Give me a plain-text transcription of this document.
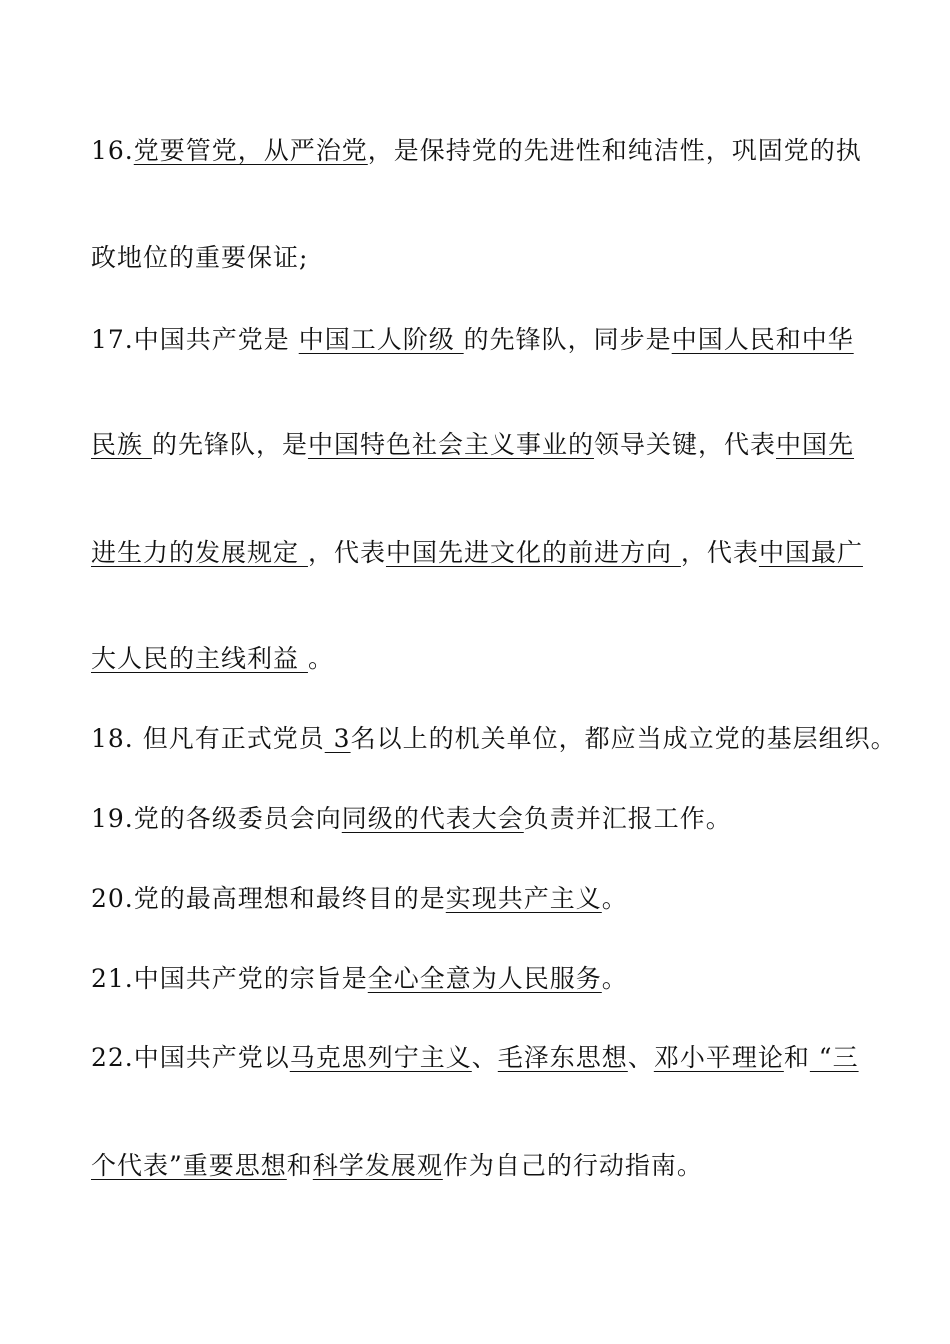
16.党要管党，从严治党，是保持党的先进性和纯洁性，巩固党的执
政地位的重要保证;
17.中国共产党是 中国工人阶级 的先锋队，同步是中国人民和中华
民族 的先锋队，是中国特色社会主义事业的领导关键，代表中国先
进生力的发展规定 ，代表中国先进文化的前进方向 ，代表中国最广
大人民的主线利益 。
18. 但凡有正式党员 3名以上的机关单位，都应当成立党的基层组织。
19.党的各级委员会向同级的代表大会负责并汇报工作。
20.党的最高理想和最终目的是实现共产主义。
21.中国共产党的宗旨是全心全意为人民服务。
22.中国共产党以马克思列宁主义、毛泽东思想、邓小平理论和 “三
个代表”重要思想和科学发展观作为自己的行动指南。
